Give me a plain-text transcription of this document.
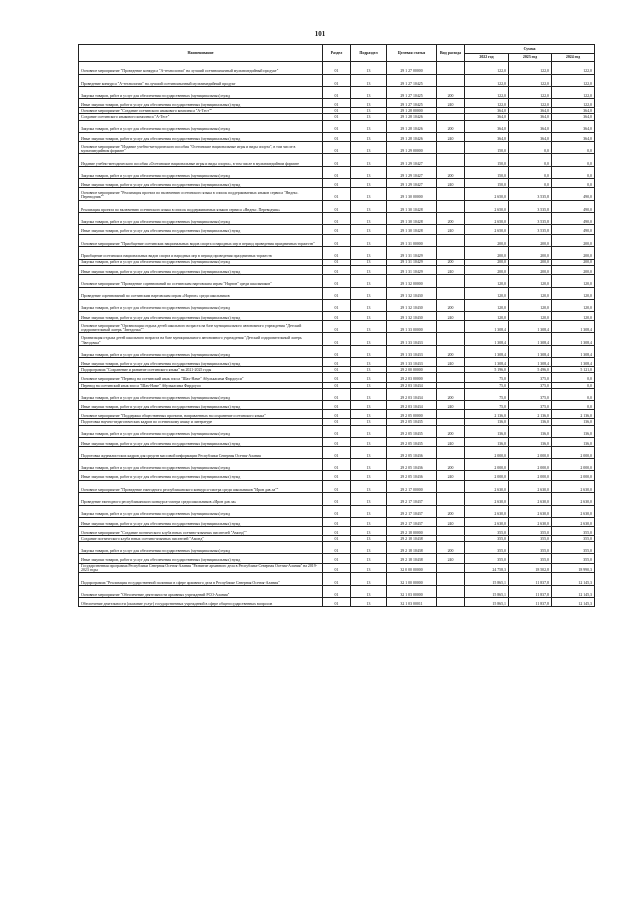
101
Наименование	Раздел	Подраздел	Целевая статья	Вид расхода	Сумма		
					2022 год	2023 год	2024 год
Основное мероприятие "Проведение конкурса "А-технологии" на лучший осетиноязычный мультимедийный продукт"	01	13	29 1 27 00000		122,0	122,0	122,0
Проведение конкурса "А-технологии" на лучший осетиноязычный мультимедийный продукт	01	13	29 1 27 10425		122,0	122,0	122,0
Закупка товаров, работ и услуг для обеспечения государственных (муниципальных) нужд	01	13	29 1 27 10425	200	122,0	122,0	122,0
Иные закупки товаров, работ и услуг для обеспечения государственных (муниципальных) нужд	01	13	29 1 27 10425	240	122,0	122,0	122,0
Основное мероприятие "Создание осетинского языкового комплекса "А-Тест""	01	13	29 1 28 00000		364,0	364,0	364,0
Создание осетинского языкового комплекса "А-Тест"	01	13	29 1 28 10426		364,0	364,0	364,0
Закупка товаров, работ и услуг для обеспечения государственных (муниципальных) нужд	01	13	29 1 28 10426	200	364,0	364,0	364,0
Иные закупки товаров, работ и услуг для обеспечения государственных (муниципальных) нужд	01	13	29 1 28 10426	240	364,0	364,0	364,0
Основное мероприятие "Издание учебно-методического пособия "Осетинские национальные игры и виды спорта", в том числе в мультимедийном формате"	01	13	29 1 29 00000		150,0	0,0	0,0
Издание учебно-методического пособия «Осетинские национальные игры и виды спорта», в том числе в мультимедийном формате	01	13	29 1 29 10427		150,0	0,0	0,0
Закупка товаров, работ и услуг для обеспечения государственных (муниципальных) нужд	01	13	29 1 29 10427	200	150,0	0,0	0,0
Иные закупки товаров, работ и услуг для обеспечения государственных (муниципальных) нужд	01	13	29 1 29 10427	240	150,0	0,0	0,0
Основное мероприятие "Реализация проекта по включению осетинского языка в список поддерживаемых языков сервиса "Яндекс. Переводчик""	01	13	29 1 30 00000		2 650,0	3 535,8	490,0
Реализация проекта по включению осетинского языка в список поддерживаемых языков сервиса «Яндекс. Переводчик»	01	13	29 1 30 10428		2 650,0	3 535,8	490,0
Закупка товаров, работ и услуг для обеспечения государственных (муниципальных) нужд	01	13	29 1 30 10428	200	2 650,0	3 535,8	490,0
Иные закупки товаров, работ и услуг для обеспечения государственных (муниципальных) нужд	01	13	29 1 30 10428	240	2 650,0	3 535,8	490,0
Основное мероприятие "Приобщение осетинских национальных видов спорта и народных игр в период проведения праздничных торжеств"	01	13	29 1 31 00000		200,0	200,0	200,0
Приобщение осетинских национальных видов спорта и народных игр в период проведения праздничных торжеств	01	13	29 1 31 10429		200,0	200,0	200,0
Закупка товаров, работ и услуг для обеспечения государственных (муниципальных) нужд	01	13	29 1 31 10429	200	200,0	200,0	200,0
Иные закупки товаров, работ и услуг для обеспечения государственных (муниципальных) нужд	01	13	29 1 31 10429	240	200,0	200,0	200,0
Основное мероприятие "Проведение соревнований по осетинским нартовским играм "Нартон" среди школьников"	01	13	29 1 32 00000		120,0	120,0	120,0
Проведение соревнований по осетинским нартовским играм «Нартон» среди школьников	01	13	29 1 32 10430		120,0	120,0	120,0
Закупка товаров, работ и услуг для обеспечения государственных (муниципальных) нужд	01	13	29 1 32 10430	200	120,0	120,0	120,0
Иные закупки товаров, работ и услуг для обеспечения государственных (муниципальных) нужд	01	13	29 1 32 10430	240	120,0	120,0	120,0
Основное мероприятие "Организация отдыха детей школьного возраста на базе муниципального автономного учреждения "Детский оздоровительный лагерь "Звездочка""	01	13	29 1 33 00000		1 308,4	1 308,4	1 308,4
Организация отдыха детей школьного возраста на базе муниципального автономного учреждения "Детский оздоровительный лагерь "Звездочка"	01	13	29 1 33 10433		1 308,4	1 308,4	1 308,4
Закупка товаров, работ и услуг для обеспечения государственных (муниципальных) нужд	01	13	29 1 33 10433	200	1 308,4	1 308,4	1 308,4
Иные закупки товаров, работ и услуг для обеспечения государственных (муниципальных) нужд	01	13	29 1 33 10433	240	1 308,4	1 308,4	1 308,4
Подпрограмма "Сохранение и развитие осетинского языка" на 2021-2025 годы	01	13	29 2 00 00000		5 196,0	5 496,0	5 121,0
Основное мероприятие "Перевод на осетинский язык эпоса "Шах-Наме" Абулькасима Фирдоуси"	01	13	29 2 03 00000		75,0	375,0	0,0
Перевод на осетинский язык эпоса "Шах-Наме" Абулькасима Фирдоуси	01	13	29 2 03 10434		75,0	375,0	0,0
Закупка товаров, работ и услуг для обеспечения государственных (муниципальных) нужд	01	13	29 2 03 10434	200	75,0	375,0	0,0
Иные закупки товаров, работ и услуг для обеспечения государственных (муниципальных) нужд	01	13	29 2 03 10434	240	75,0	375,0	0,0
Основное мероприятие "Поддержка общественных проектов, направленных на сохранение осетинского языка"	01	13	29 2 05 00000		2 136,0	2 136,0	2 136,0
Подготовка научно-педагогических кадров по осетинскому языку и литературе	01	13	29 2 05 10435		136,0	136,0	136,0
Закупка товаров, работ и услуг для обеспечения государственных (муниципальных) нужд	01	13	29 2 05 10435	200	136,0	136,0	136,0
Иные закупки товаров, работ и услуг для обеспечения государственных (муниципальных) нужд	01	13	29 2 05 10435	240	136,0	136,0	136,0
Подготовка журналистских кадров для средств массовой информации Республики Северная Осетия-Алания	01	13	29 2 05 10436		2 000,0	2 000,0	2 000,0
Закупка товаров, работ и услуг для обеспечения государственных (муниципальных) нужд	01	13	29 2 05 10436	200	2 000,0	2 000,0	2 000,0
Иные закупки товаров, работ и услуг для обеспечения государственных (муниципальных) нужд	01	13	29 2 05 10436	240	2 000,0	2 000,0	2 000,0
Основное мероприятие "Проведение ежегодного республиканского конкурса-смотра среди школьников "Ирон дав ла""	01	13	29 2 17 00000		2 630,0	2 630,0	2 630,0
Проведение ежегодного республиканского конкурса-смотра среди школьников «Ирон дав ла»	01	13	29 2 17 10437		2 630,0	2 630,0	2 630,0
Закупка товаров, работ и услуг для обеспечения государственных (муниципальных) нужд	01	13	29 2 17 10437	200	2 630,0	2 630,0	2 630,0
Иные закупки товаров, работ и услуг для обеспечения государственных (муниципальных) нужд	01	13	29 2 17 10437	240	2 630,0	2 630,0	2 630,0
Основное мероприятие "Создание поэтического клуба юных осетино-язычных писателей "Амонд""	01	13	29 2 18 00000		355,0	355,0	355,0
Создание поэтического клуба юных осетино-язычных писателей "Амонд"	01	13	29 2 18 10438		355,0	355,0	355,0
Закупка товаров, работ и услуг для обеспечения государственных (муниципальных) нужд	01	13	29 2 18 10438	200	355,0	355,0	355,0
Иные закупки товаров, работ и услуг для обеспечения государственных (муниципальных) нужд	01	13	29 2 18 10438	240	355,0	355,0	355,0
Государственная программа Республики Северная Осетия-Алания "Развитие архивного дела в Республике Северная Осетия-Алания" на 2019-2023 годы	01	13	32 0 00 00000		24 758,3	18 502,8	18 990,3
Подпрограмма "Реализация государственной политики в сфере архивного дела в Республике Северная Осетия-Алания"	01	13	32 1 00 00000		15 865,1	11 837,8	12 145,3
Основное мероприятие "Обеспечение деятельности архивных учреждений РСО-Алания"	01	13	32 1 03 00000		15 865,1	11 837,8	12 145,3
Обеспечение деятельности (оказание услуг) государственных учреждений в сфере общегосударственных вопросов	01	13	32 1 03 00011		15 865,1	11 837,8	12 145,3
